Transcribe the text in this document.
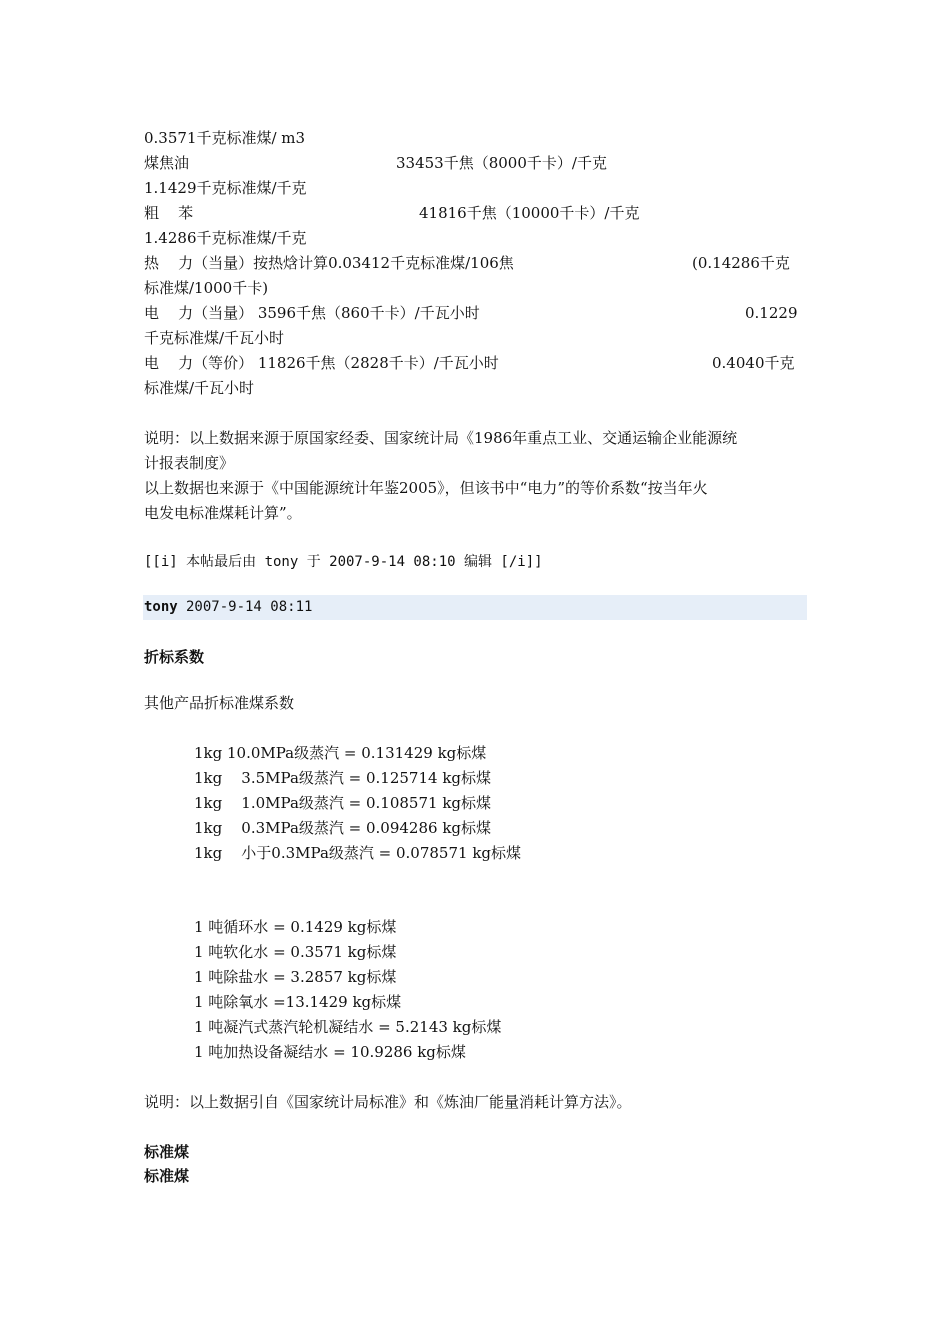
0.3571千克标准煤/ m3
煤焦油	33453千焦（8000千卡）/千克
1.1429千克标准煤/千克
粗    苯	41816千焦（10000千卡）/千克
1.4286千克标准煤/千克
热    力（当量）按热焓计算0.03412千克标准煤/106焦	(0.14286千克
标准煤/1000千卡)
电    力（当量） 3596千焦（860千卡）/千瓦小时	0.1229
千克标准煤/千瓦小时
电    力（等价） 11826千焦（2828千卡）/千瓦小时	0.4040千克
标准煤/千瓦小时
说明：以上数据来源于原国家经委、国家统计局《1986年重点工业、交通运输企业能源统
计报表制度》
以上数据也来源于《中国能源统计年鉴2005》，但该书中“电力”的等价系数“按当年火
电发电标准煤耗计算”。
[[i] 本帖最后由 tony 于 2007-9-14 08:10 编辑 [/i]]
tony 2007-9-14 08:11
折标系数
其他产品折标准煤系数
1kg 10.0MPa级蒸汽 = 0.131429 kg标煤
1kg    3.5MPa级蒸汽 = 0.125714 kg标煤
1kg    1.0MPa级蒸汽 = 0.108571 kg标煤
1kg    0.3MPa级蒸汽 = 0.094286 kg标煤
1kg    小于0.3MPa级蒸汽 = 0.078571 kg标煤
1 吨循环水 = 0.1429 kg标煤
1 吨软化水 = 0.3571 kg标煤
1 吨除盐水 = 3.2857 kg标煤
1 吨除氧水 =13.1429 kg标煤
1 吨凝汽式蒸汽轮机凝结水 = 5.2143 kg标煤
1 吨加热设备凝结水 = 10.9286 kg标煤
说明：以上数据引自《国家统计局标准》和《炼油厂能量消耗计算方法》。
标准煤
标准煤
